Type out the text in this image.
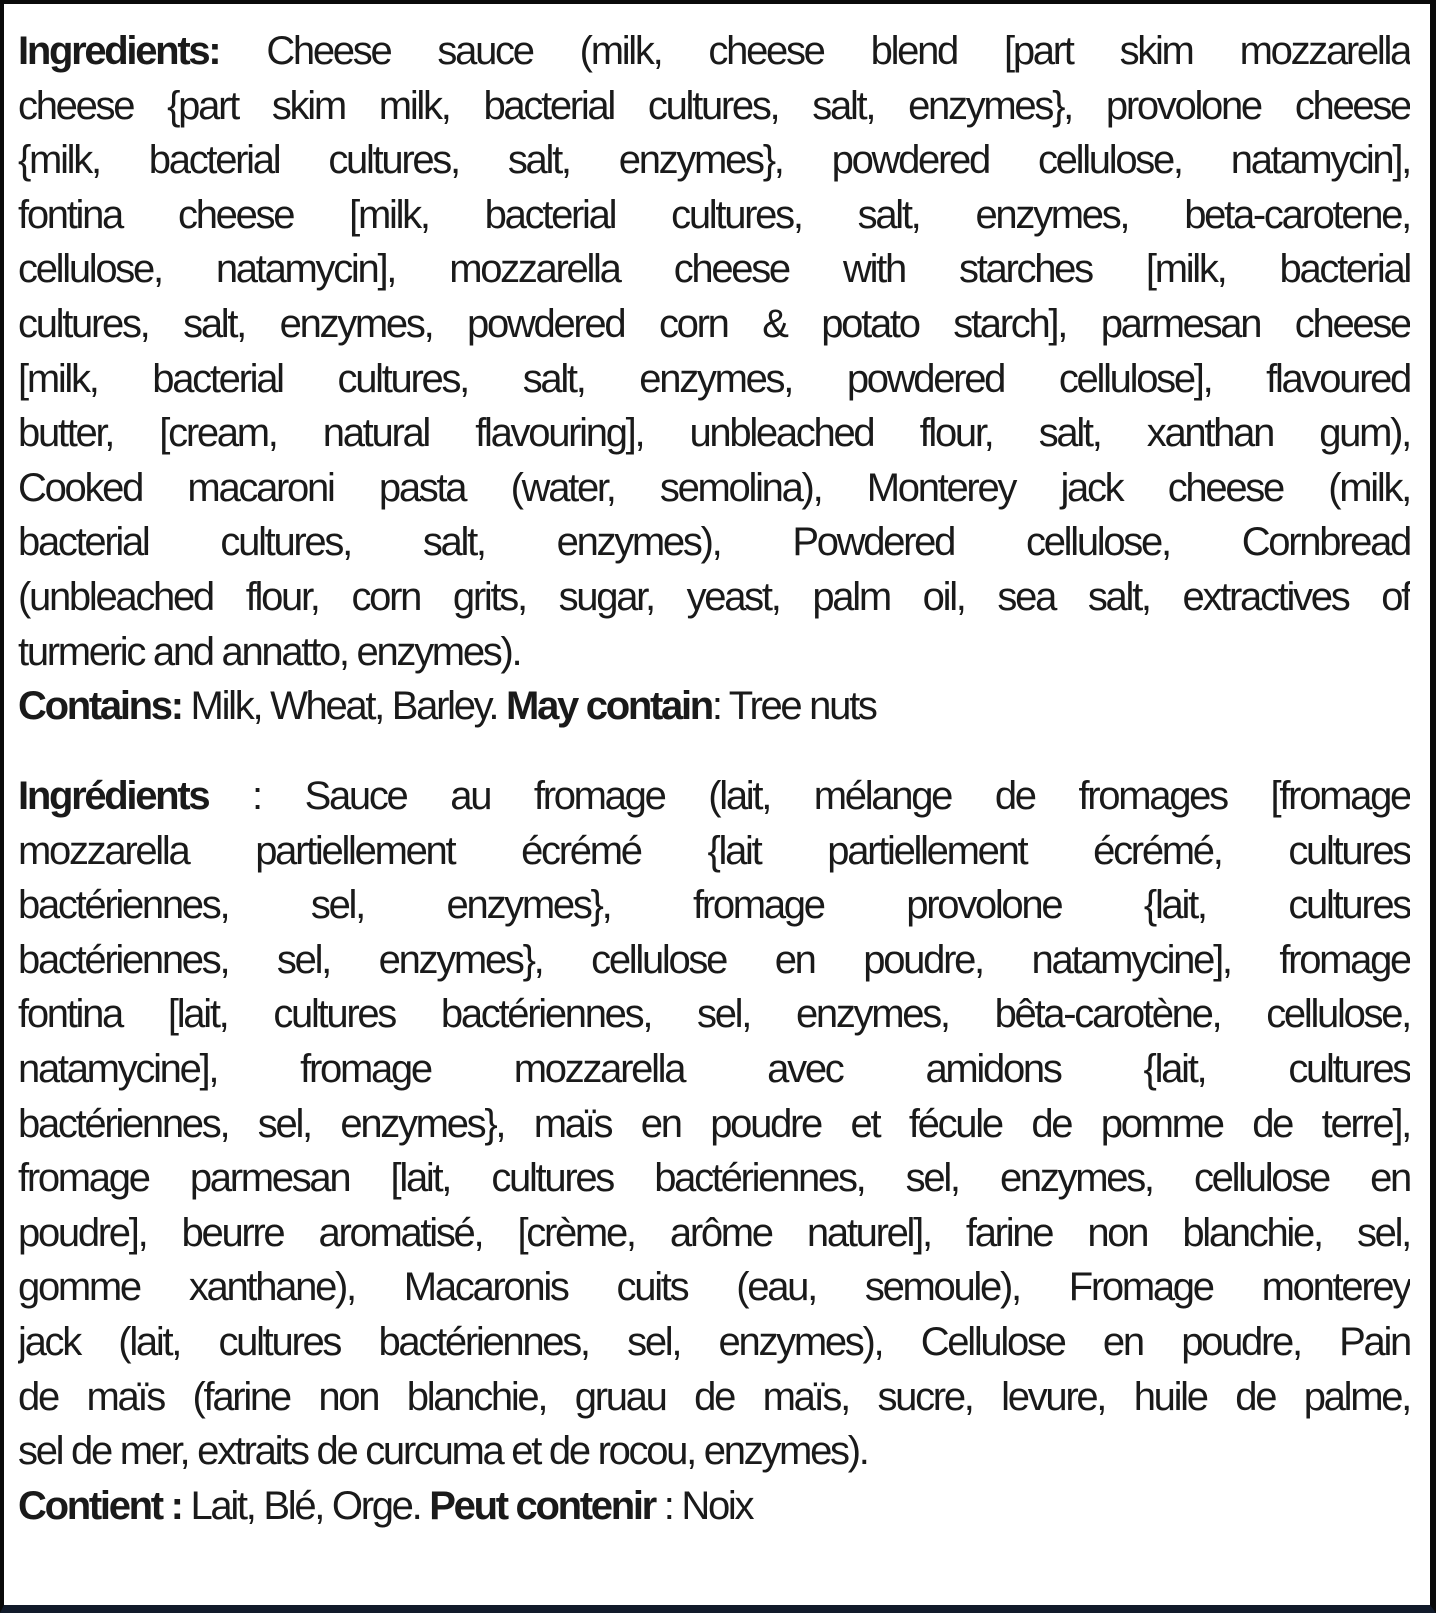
Ingredients: Cheese sauce (milk, cheese blend [part skim mozzarella
cheese {part skim milk, bacterial cultures, salt, enzymes}, provolone cheese
{milk, bacterial cultures, salt, enzymes}, powdered cellulose, natamycin],
fontina cheese [milk, bacterial cultures, salt, enzymes, beta-carotene,
cellulose, natamycin], mozzarella cheese with starches [milk, bacterial
cultures, salt, enzymes, powdered corn & potato starch], parmesan cheese
[milk, bacterial cultures, salt, enzymes, powdered cellulose], flavoured
butter, [cream, natural flavouring], unbleached flour, salt, xanthan gum),
Cooked macaroni pasta (water, semolina), Monterey jack cheese (milk,
bacterial cultures, salt, enzymes), Powdered cellulose, Cornbread
(unbleached flour, corn grits, sugar, yeast, palm oil, sea salt, extractives of
turmeric and annatto, enzymes).
Contains: Milk, Wheat, Barley. May contain: Tree nuts
Ingrédients : Sauce au fromage (lait, mélange de fromages [fromage
mozzarella partiellement écrémé {lait partiellement écrémé, cultures
bactériennes, sel, enzymes}, fromage provolone {lait, cultures
bactériennes, sel, enzymes}, cellulose en poudre, natamycine], fromage
fontina [lait, cultures bactériennes, sel, enzymes, bêta-carotène, cellulose,
natamycine], fromage mozzarella avec amidons {lait, cultures
bactériennes, sel, enzymes}, maïs en poudre et fécule de pomme de terre],
fromage parmesan [lait, cultures bactériennes, sel, enzymes, cellulose en
poudre], beurre aromatisé, [crème, arôme naturel], farine non blanchie, sel,
gomme xanthane), Macaronis cuits (eau, semoule), Fromage monterey
jack (lait, cultures bactériennes, sel, enzymes), Cellulose en poudre, Pain
de maïs (farine non blanchie, gruau de maïs, sucre, levure, huile de palme,
sel de mer, extraits de curcuma et de rocou, enzymes).
Contient : Lait, Blé, Orge. Peut contenir : Noix
